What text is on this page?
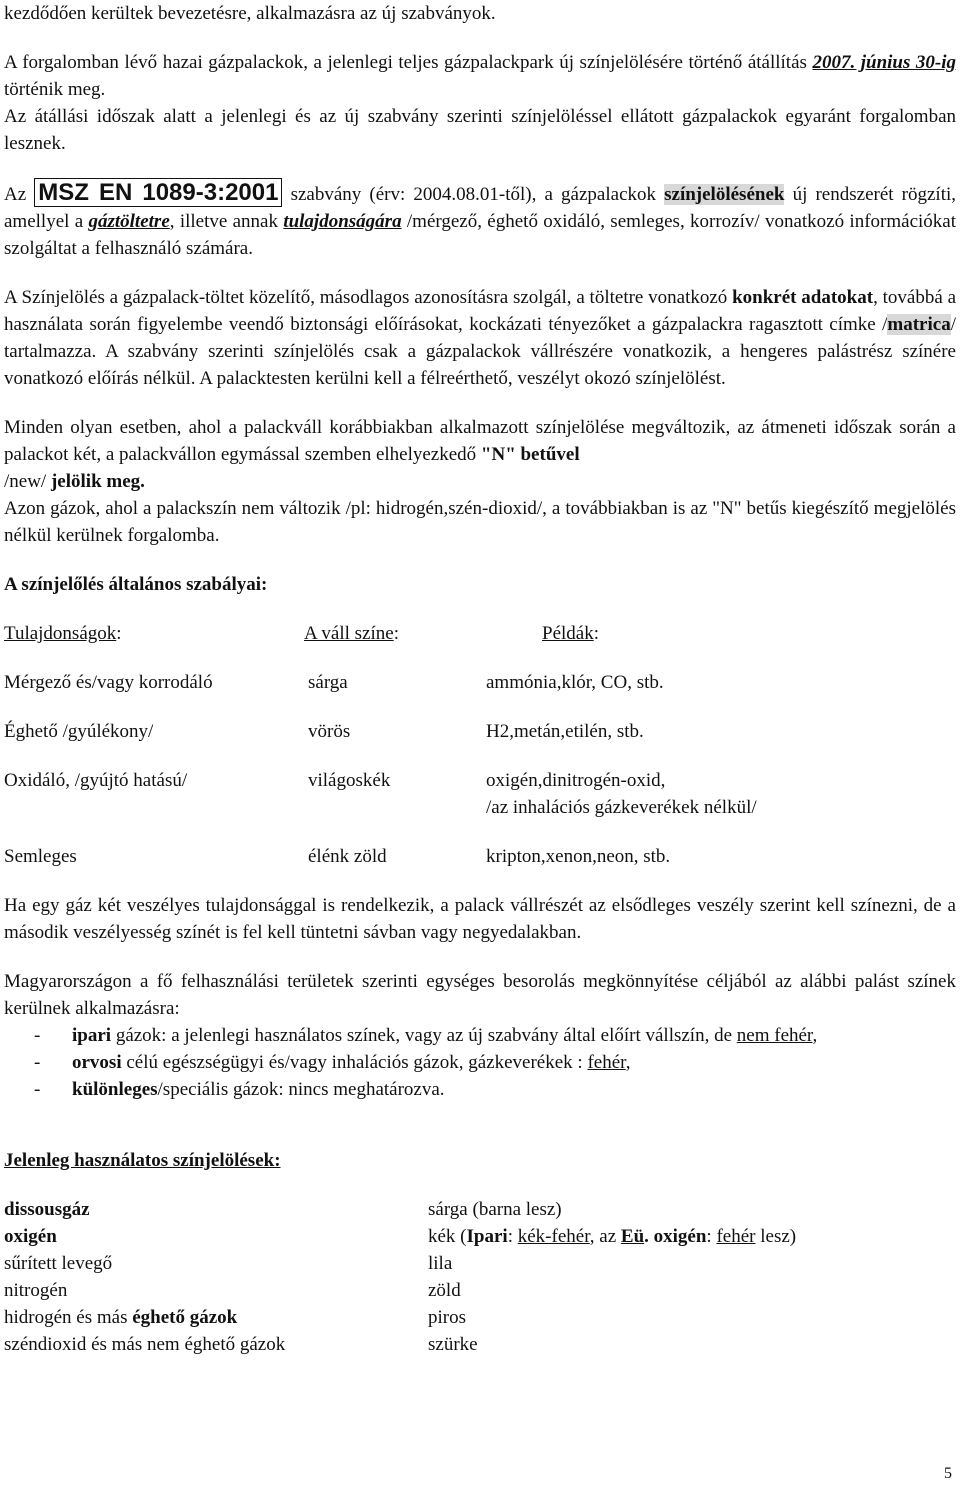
kezdődően kerültek bevezetésre, alkalmazásra az új szabványok.

A forgalomban lévő hazai gázpalackok, a jelenlegi teljes gázpalackpark új színjelölésére történő átállítás 2007. június 30-ig történik meg.

Az átállási időszak alatt a jelenlegi és az új szabvány szerinti színjelöléssel ellátott gázpalackok egyaránt forgalomban lesznek.

Az MSZ EN 1089-3:2001 szabvány (érv: 2004.08.01-től), a gázpalackok színjelölésének új rendszerét rögzíti, amellyel a gáztöltetre, illetve annak tulajdonságára /mérgező, éghető oxidáló, semleges, korrozív/ vonatkozó információkat szolgáltat a felhasználó számára.

A Színjelölés a gázpalack-töltet közelítő, másodlagos azonosításra szolgál, a töltetre vonatkozó konkrét adatokat, továbbá a használata során figyelembe veendő biztonsági előírásokat, kockázati tényezőket a gázpalackra ragasztott címke /matrica/ tartalmazza. A szabvány szerinti színjelölés csak a gázpalackok vállrészére vonatkozik, a hengeres palástrész színére vonatkozó előírás nélkül. A palacktesten kerülni kell a félreérthető, veszélyt okozó színjelölést.

Minden olyan esetben, ahol a palackváll korábbiakban alkalmazott színjelölése megváltozik, az átmeneti időszak során a palackot két, a palackvállon egymással szemben elhelyezkedő "N" betűvel
/new/ jelölik meg.

Azon gázok, ahol a palackszín nem változik /pl: hidrogén,szén-dioxid/, a továbbiakban is az "N" betűs kiegészítő megjelölés nélkül kerülnek forgalomba.

A színjelőlés általános szabályai:

Tulajdonságok:	A váll színe:	Példák:
Mérgező és/vagy korrodáló	sárga	ammónia,klór, CO, stb.
Éghető /gyúlékony/	vörös	H2,metán,etilén, stb.
Oxidáló, /gyújtó hatású/	világoskék	oxigén,dinitrogén-oxid,
/az inhalációs gázkeverékek nélkül/
Semleges	élénk zöld	kripton,xenon,neon, stb.

Ha egy gáz két veszélyes tulajdonsággal is rendelkezik, a palack vállrészét az elsődleges veszély szerint kell színezni, de a második veszélyesség színét is fel kell tüntetni sávban vagy negyedalakban.

Magyarországon a fő felhasználási területek szerinti egységes besorolás megkönnyítése céljából az alábbi palást színek kerülnek alkalmazásra:

- ipari gázok: a jelenlegi használatos színek, vagy az új szabvány által előírt vállszín, de nem fehér,

- orvosi célú egészségügyi és/vagy inhalációs gázok, gázkeverékek : fehér,

- különleges/speciális gázok: nincs meghatározva.

Jelenleg használatos színjelölések:

dissousgáz	sárga (barna lesz)
oxigén	kék (Ipari: kék-fehér, az Eü. oxigén: fehér lesz)
sűrített levegő	lila
nitrogén	zöld
hidrogén és más éghető gázok	piros
széndioxid és más nem éghető gázok	szürke
5
